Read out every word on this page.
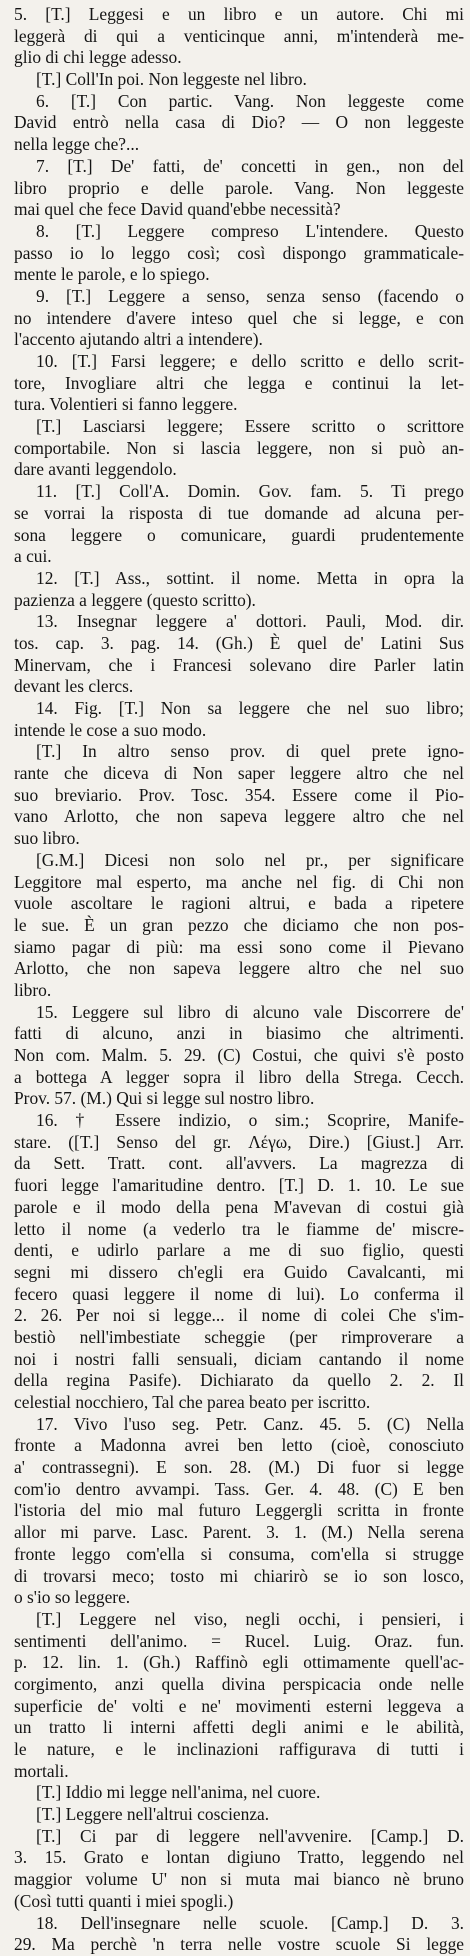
5. [T.] Leggesi e un libro e un autore. Chi mi
leggerà di qui a venticinque anni, m'intenderà me-
glio di chi legge adesso.
[T.] Coll'In poi. Non leggeste nel libro.
6. [T.] Con partic. Vang. Non leggeste come
David entrò nella casa di Dio? — O non leggeste
nella legge che?...
7. [T.] De' fatti, de' concetti in gen., non del
libro proprio e delle parole. Vang. Non leggeste
mai quel che fece David quand'ebbe necessità?
8. [T.] Leggere compreso L'intendere. Questo
passo io lo leggo così; così dispongo grammaticale-
mente le parole, e lo spiego.
9. [T.] Leggere a senso, senza senso (facendo o
no intendere d'avere inteso quel che si legge, e con
l'accento ajutando altri a intendere).
10. [T.] Farsi leggere; e dello scritto e dello scrit-
tore, Invogliare altri che legga e continui la let-
tura. Volentieri si fanno leggere.
[T.] Lasciarsi leggere; Essere scritto o scrittore
comportabile. Non si lascia leggere, non si può an-
dare avanti leggendolo.
11. [T.] Coll'A. Domin. Gov. fam. 5. Ti prego
se vorrai la risposta di tue domande ad alcuna per-
sona leggere o comunicare, guardi prudentemente
a cui.
12. [T.] Ass., sottint. il nome. Metta in opra la
pazienza a leggere (questo scritto).
13. Insegnar leggere a' dottori. Pauli, Mod. dir.
tos. cap. 3. pag. 14. (Gh.) È quel de' Latini Sus
Minervam, che i Francesi solevano dire Parler latin
devant les clercs.
14. Fig. [T.] Non sa leggere che nel suo libro;
intende le cose a suo modo.
[T.] In altro senso prov. di quel prete igno-
rante che diceva di Non saper leggere altro che nel
suo breviario. Prov. Tosc. 354. Essere come il Pio-
vano Arlotto, che non sapeva leggere altro che nel
suo libro.
[G.M.] Dicesi non solo nel pr., per significare
Leggitore mal esperto, ma anche nel fig. di Chi non
vuole ascoltare le ragioni altrui, e bada a ripetere
le sue. È un gran pezzo che diciamo che non pos-
siamo pagar di più: ma essi sono come il Pievano
Arlotto, che non sapeva leggere altro che nel suo
libro.
15. Leggere sul libro di alcuno vale Discorrere de'
fatti di alcuno, anzi in biasimo che altrimenti.
Non com. Malm. 5. 29. (C) Costui, che quivi s'è posto
a bottega A legger sopra il libro della Strega. Cecch.
Prov. 57. (M.) Qui si legge sul nostro libro.
16. † Essere indizio, o sim.; Scoprire, Manife-
stare. ([T.] Senso del gr. Λέγω, Dire.) [Giust.] Arr.
da Sett. Tratt. cont. all'avvers. La magrezza di
fuori legge l'amaritudine dentro. [T.] D. 1. 10. Le sue
parole e il modo della pena M'avevan di costui già
letto il nome (a vederlo tra le fiamme de' miscre-
denti, e udirlo parlare a me di suo figlio, questi
segni mi dissero ch'egli era Guido Cavalcanti, mi
fecero quasi leggere il nome di lui). Lo conferma il
2. 26. Per noi si legge... il nome di colei Che s'im-
bestiò nell'imbestiate scheggie (per rimproverare a
noi i nostri falli sensuali, diciam cantando il nome
della regina Pasife). Dichiarato da quello 2. 2. Il
celestial nocchiero, Tal che parea beato per iscritto.
17. Vivo l'uso seg. Petr. Canz. 45. 5. (C) Nella
fronte a Madonna avrei ben letto (cioè, conosciuto
a' contrassegni). E son. 28. (M.) Di fuor si legge
com'io dentro avvampi. Tass. Ger. 4. 48. (C) E ben
l'istoria del mio mal futuro Leggergli scritta in fronte
allor mi parve. Lasc. Parent. 3. 1. (M.) Nella serena
fronte leggo com'ella si consuma, com'ella si strugge
di trovarsi meco; tosto mi chiarirò se io son losco,
o s'io so leggere.
[T.] Leggere nel viso, negli occhi, i pensieri, i
sentimenti dell'animo. = Rucel. Luig. Oraz. fun.
p. 12. lin. 1. (Gh.) Raffinò egli ottimamente quell'ac-
corgimento, anzi quella divina perspicacia onde nelle
superficie de' volti e ne' movimenti esterni leggeva a
un tratto li interni affetti degli animi e le abilità,
le nature, e le inclinazioni raffigurava di tutti i
mortali.
[T.] Iddio mi legge nell'anima, nel cuore.
[T.] Leggere nell'altrui coscienza.
[T.] Ci par di leggere nell'avvenire. [Camp.] D.
3. 15. Grato e lontan digiuno Tratto, leggendo nel
maggior volume U' non si muta mai bianco nè bruno
(Così tutti quanti i miei spogli.)
18. Dell'insegnare nelle scuole. [Camp.] D. 3.
29. Ma perchè 'n terra nelle vostre scuole Si legge
